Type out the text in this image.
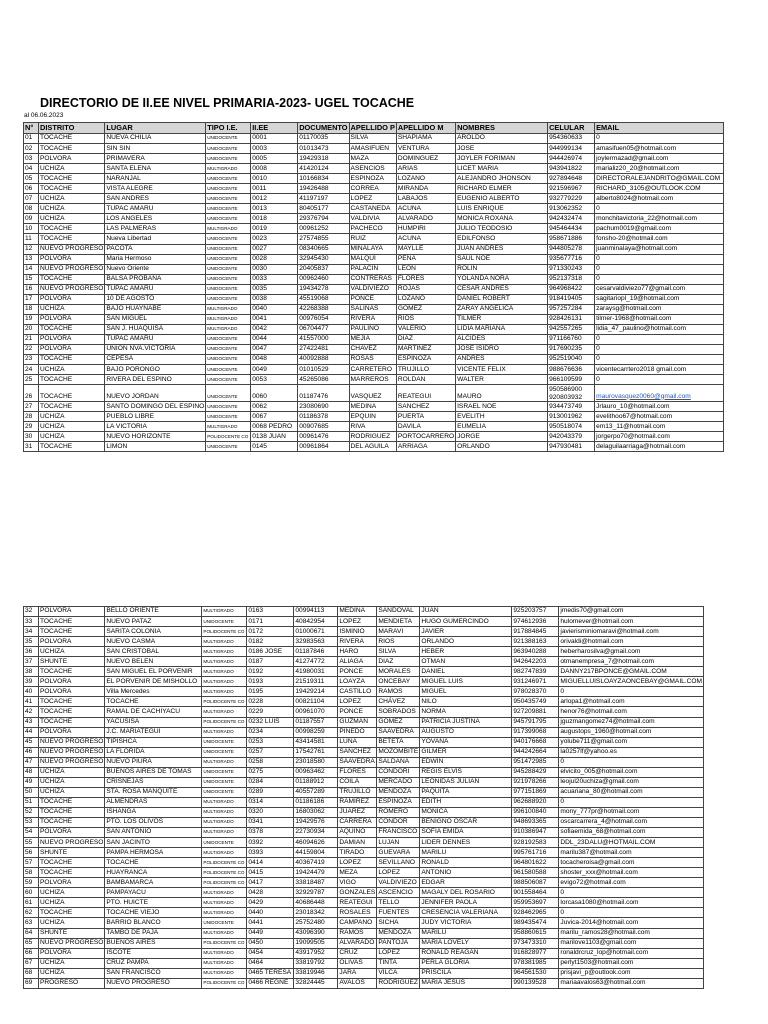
DIRECTORIO DE II.EE NIVEL PRIMARIA-2023- UGEL TOCACHE
al 06.06.2023
N°	DISTRITO	LUGAR	TIPO I.E.	II.EE	DOCUMENTO	APELLIDO P	APELLIDO M	NOMBRES	CELULAR	EMAIL
01	TOCACHE	NUEVA CHILIA	UNIDOCENTE	0001	01170035	SILVA	SHAPIAMA	AROLDO	954360633	0
02	TOCACHE	SIN SIN	UNIDOCENTE	0003	01013473	AMASIFUEN	VENTURA	JOSE	944999134	amasifuen05@hotmail.com
03	POLVORA	PRIMAVERA	UNIDOCENTE	0005	19429318	MAZA	DOMINGUEZ	JOYLER FORIMAN	944426974	joylermazad@gmail.com
04	UCHIZA	SANTA ELENA	MULTIGRADO	0008	41420124	ASENCIOS	ARIAS	LICET MARIA	943941822	marializ20_20@hotmail.com
05	TOCACHE	NARANJAL	UNIDOCENTE	0010	10166834	ESPINOZA	LOZANO	ALEJANDRO JHONSON	927894648	DIRECTORALEJANDRITO@GMAIL.COM
06	TOCACHE	VISTA ALEGRE	UNIDOCENTE	0011	19426488	CORREA	MIRANDA	RICHARD ELMER	921596967	RICHARD_3105@OUTLOOK.COM
07	UCHIZA	SAN ANDRES	UNIDOCENTE	0012	41197197	LOPEZ	LABAJOS	EUGENIO ALBERTO	932779229	alberto8024@hotmail.com
08	UCHIZA	TUPAC AMARU	UNIDOCENTE	0013	80405177	CASTANEDA	ACUNA	LUIS ENRIQUE	913062352	0
09	UCHIZA	LOS ANGELES	UNIDOCENTE	0018	29376794	VALDIVIA	ALVARADO	MONICA ROXANA	942432474	monchitavictoria_22@hotmail.com
10	TOCACHE	LAS PALMERAS	MULTIGRADO	0019	00961252	PACHECO	HUMPIRI	JULIO TEODOSIO	945464434	pachum0019@gmail.com
11	TOCACHE	Nueva Libertad	UNIDOCENTE	0023	27574855	RUIZ	ACUNA	EDILFONSO	958671886	fonsho-20@hotmail.com
12	NUEVO PROGRESO	PACOTA	UNIDOCENTE	0027	08340665	MINALAYA	MAYLLE	JUAN ANDRES	944805278	juanminalaya@hotmail.com
13	POLVORA	Maria Hermoso	UNIDOCENTE	0028	32945430	MALQUI	PEÑA	SAUL NOE	935677716	0
14	NUEVO PROGRESO	Nuevo Oriente	UNIDOCENTE	0030	20405837	PALACIN	LEON	ROLIN	971330243	0
15	TOCACHE	BALSA PROBANA	UNIDOCENTE	0033	00962460	CONTRERAS	FLORES	YOLANDA NORA	952137318	0
16	NUEVO PROGRESO	TUPAC AMARU	UNIDOCENTE	0035	19434278	VALDIVIEZO	ROJAS	CESAR ANDRES	964968422	cesarvaldiviezo77@gmail.com
17	POLVORA	10 DE AGOSTO	UNIDOCENTE	0038	45519068	PONCE	LOZANO	DANIEL ROBERT	918419405	sagitariopl_19@hotmail.com
18	UCHIZA	BAJO HUAYNABE	MULTIGRADO	0040	42268388	SALINAS	GOMEZ	ZARAY ANGELICA	957257284	zaraysg@hotmail.com
19	POLVORA	SAN MIGUEL	MULTIGRADO	0041	00976054	RIVERA	RIOS	TILMER	928426131	tilmer-1968@hotmail.com
20	TOCACHE	SAN J. HUAQUISA	MULTIGRADO	0042	06704477	PAULINO	VALERIO	LIDIA MARIANA	942557265	lidia_47_paulino@hotmail.com
21	POLVORA	TUPAC AMARU	UNIDOCENTE	0044	41557000	MEJIA	DIAZ	ALCIDES	971166760	0
22	POLVORA	UNION NVA.VICTORIA	UNIDOCENTE	0047	27422481	CHAVEZ	MARTINEZ	JOSE ISIDRO	917690235	0
23	TOCACHE	CEPESA	UNIDOCENTE	0048	40092888	ROSAS	ESPINOZA	ANDRES	952519040	0
24	UCHIZA	BAJO PORONGO	UNIDOCENTE	0049	01010529	CARRETERO	TRUJILLO	VICENTE FELIX	988676636	vicentecarrtero2018 gmail.com
25	TOCACHE	RIVERA DEL ESPINO	UNIDOCENTE	0053	45265086	MARREROS	ROLDAN	WALTER	966109599	0
26	TOCACHE	NUEVO JORDAN	UNIDOCENTE	0060	01187476	VASQUEZ	REATEGUI	MAURO	950586900 920803932	maurovasquez0060@gmail.com
27	TOCACHE	SANTO DOMINGO DEL ESPINO	UNIDOCENTE	0062	23080690	MEDINA	SANCHEZ	ISRAEL NOE	934473749	Jrlauro_10@hotmail.com
28	UCHIZA	PUEBLO LIBRE	UNIDOCENTE	0067	01186378	EPQUIN	PUERTA	EVELITH	913001962	evelithoo67@hotmail.com
29	UCHIZA	LA VICTORIA	MULTIGRADO	0068 PEDRO	00907685	RIVA	DAVILA	EUMELIA	950518074	em13_11@hotmail.com
30	UCHIZA	NUEVO HORIZONTE	POLIDOCENTE CO	0138 JUAN	00961476	RODRIGUEZ	PORTOCARRERO	JORGE	942043379	jorgerpo70@hotmail.com
31	TOCACHE	LIMON	UNIDOCENTE	0145	00961864	DEL AGUILA	ARRIAGA	ORLANDO	947930481	delaguilaarriaga@hotmail.com
32	POLVORA	BELLO ORIENTE	MULTIGRADO	0163	00994113	MEDINA	SANDOVAL	JUAN	925203757	jmedis70@gmail.com
33	TOCACHE	NUEVO PATAZ	UNIDOCENTE	0171	40842954	LOPEZ	MENDIETA	HUGO GUMERCINDO	974612936	hulomever@hotmail.com
34	TOCACHE	SARITA COLONIA	POLIDOCENTE CO	0172	01000671	ISMINIO	MARAVI	JAVIER	917884845	javierisminiomaravi@hotmail.com
35	POLVORA	NUEVO CASMA	MULTIGRADO	0182	32983563	RIVERA	RIOS	ORLANDO	921388163	orivaldi@hotmail.com
36	UCHIZA	SAN CRISTOBAL	MULTIGRADO	0186 JOSE	01187846	HARO	SILVA	HEBER	963940288	heberharosilva@gmail.com
37	SHUNTE	NUEVO BELEN	MULTIGRADO	0187	41274772	ALIAGA	DIAZ	OTMAN	942642203	otmanempresa_7@hotmail.com
38	TOCACHE	SAN MIGUEL EL PORVENIR	MULTIGRADO	0192	41980031	PONCE	MORALES	DANIEL	982747839	DANNY217BPONCE@GMAIL.COM
39	POLVORA	EL PORVENIR DE MISHOLLO	MULTIGRADO	0193	21519311	LOAYZA	ONCEBAY	MIGUEL LUIS	931246971	MIGUELLUISLOAYZAONCEBAY@GMAIL.COM
40	POLVORA	Villa Mercedes	MULTIGRADO	0195	19429214	CASTILLO	RAMOS	MIGUEL	978028370	0
41	TOCACHE	TOCACHE	POLIDOCENTE CO	0228	00821104	LOPEZ	CHÁVEZ	NILO	950435749	arlopa1@hotmail.com
42	TOCACHE	RAMAL DE CACHIYACU	MULTIGRADO	0229	00961070	PONCE	SOBRADOS	NORMA	927209881	henor76@hotmail.com
43	TOCACHE	YACUSISA	POLIDOCENTE CO	0232 LUIS	01187557	GUZMAN	GOMEZ	PATRICIA JUSTINA	945791795	jguzmangomez74@hotmail.com
44	POLVORA	J.C. MARIATEGUI	MULTIGRADO	0234	00998259	PINEDO	SAAVEDRA	AUGUSTO	917399068	augustops_1960@hotmail.com
45	NUEVO PROGRESO	TIPISHCA	UNIDOCENTE	0253	43414581	LUNA	BETETA	YOVANA	940176668	yolube711@gmail.com
46	NUEVO PROGRESO	LA FLORIDA	UNIDOCENTE	0257	17542761	SANCHEZ	MOZOMBITE	GILMER	944242664	la0257lf@yahoo.es
47	NUEVO PROGRESO	NUEVO PIURA	MULTIGRADO	0258	23018580	SAAVEDRA	SALDANA	EDWIN	951472985	0
48	UCHIZA	BUENOS AIRES DE TOMAS	UNIDOCENTE	0275	00963462	FLORES	CONDORI	REGIS ELVIS	945288429	elvicito_005@hotmail.com
49	UCHIZA	CRISNEJAS	UNIDOCENTE	0284	01188912	COILA	MERCADO	LEONIDAS JULIAN	921978266	leojul20uchiza@gmail.com
50	UCHIZA	STA. ROSA MANQUITE	UNIDOCENTE	0289	40557289	TRUJILLO	MENDOZA	PAQUITA	977151869	acuariana_80@hotmail.com
51	TOCACHE	ALMENDRAS	MULTIGRADO	0314	01186186	RAMIREZ	ESPINOZA	EDITH	962688920	0
52	TOCACHE	ISHANGA	MULTIGRADO	0320	16803062	JUAREZ	ROMERO	MONICA	996100840	mony_777pr@hotmail.com
53	TOCACHE	PTO. LOS OLIVOS	MULTIGRADO	0341	19429576	CARRERA	CONDOR	BENIGNO OSCAR	948693365	oscarcarrera_4@hotmail.com
54	POLVORA	SAN ANTONIO	MULTIGRADO	0378	22730934	AQUINO	FRANCISCO	SOFIA EMIDA	910386947	sofiaemida_68@hotmail.com
55	NUEVO PROGRESO	SAN JACINTO	UNIDOCENTE	0392	46094626	DAMIAN	LUJAN	LIDER DENNES	928192583	DDL_23DALU@HOTMAIL.COM
56	SHUNTE	PAMPA HERMOSA	MULTIGRADO	0393	44159804	TIRADO	GUEVARA	MARILU	995761716	marilu387@hotmail.com
57	TOCACHE	TOCACHE	POLIDOCENTE CO	0414	40367419	LOPEZ	SEVILLANO	RONALD	964801622	tocacheroisa@gmail.com
58	TOCACHE	HUAYRANCA	POLIDOCENTE CO	0415	19424479	MEZA	LOPEZ	ANTONIO	961580588	shoster_xxx@hotmail.com
59	POLVORA	BAMBAMARCA	POLIDOCENTE CO	0417	33818487	VIGO	VALDIVIEZO	EDGAR	988506087	evigo72@hotmail.com
60	UCHIZA	PAMPAYACU	MULTIGRADO	0428	32929787	GONZALES	ASCENCIO	MAGALY DEL ROSARIO	901558464	0
61	UCHIZA	PTO. HUICTE	MULTIGRADO	0429	40686448	REATEGUI	TELLO	JENNIFER PAOLA	959953697	lorcasa1080@hotmail.com
62	TOCACHE	TOCACHE VIEJO	MULTIGRADO	0440	23018342	ROSALES	FUENTES	CRESENCIA VALERIANA	928462965	0
63	UCHIZA	BARRIO BLANCO	UNIDOCENTE	0441	25752480	CAMPANO	SICHA	JUDY VICTORIA	989435474	Juvica-2014@hotmail.com
64	SHUNTE	TAMBO DE PAJA	MULTIGRADO	0449	43096390	RAMOS	MENDOZA	MARILU	958860615	marilu_ramos28@hotmail.com
65	NUEVO PROGRESO	BUENOS AIRES	POLIDOCENTE CO	0450	19099505	ALVARADO	PANTOJA	MARIA LOVELY	973473310	marilove1103@gmail.com
66	POLVORA	ISCOTE	MULTIGRADO	0454	43917952	CRUZ	LOPEZ	RONALD REAGAN	916828977	ronaldrcruz_lop@hotmail.com
67	UCHIZA	CRUZ PAMPA	MULTIGRADO	0464	33819792	OLIVAS	TINTA	PERLA GLORIA	978381985	perlyt1503@hotmail.com
68	UCHIZA	SAN FRANCISCO	MULTIGRADO	0465 TERESA	33819946	JARA	VILCA	PRISCILA	964561530	prisjavi_p@outlook.com
69	PROGRESO	NUEVO PROGRESO	POLIDOCENTE CO	0466 REGNE	32824445	AVALOS	RODRIGUEZ	MARIA JESUS	990139528	mariaavalos63@hotmail.com
